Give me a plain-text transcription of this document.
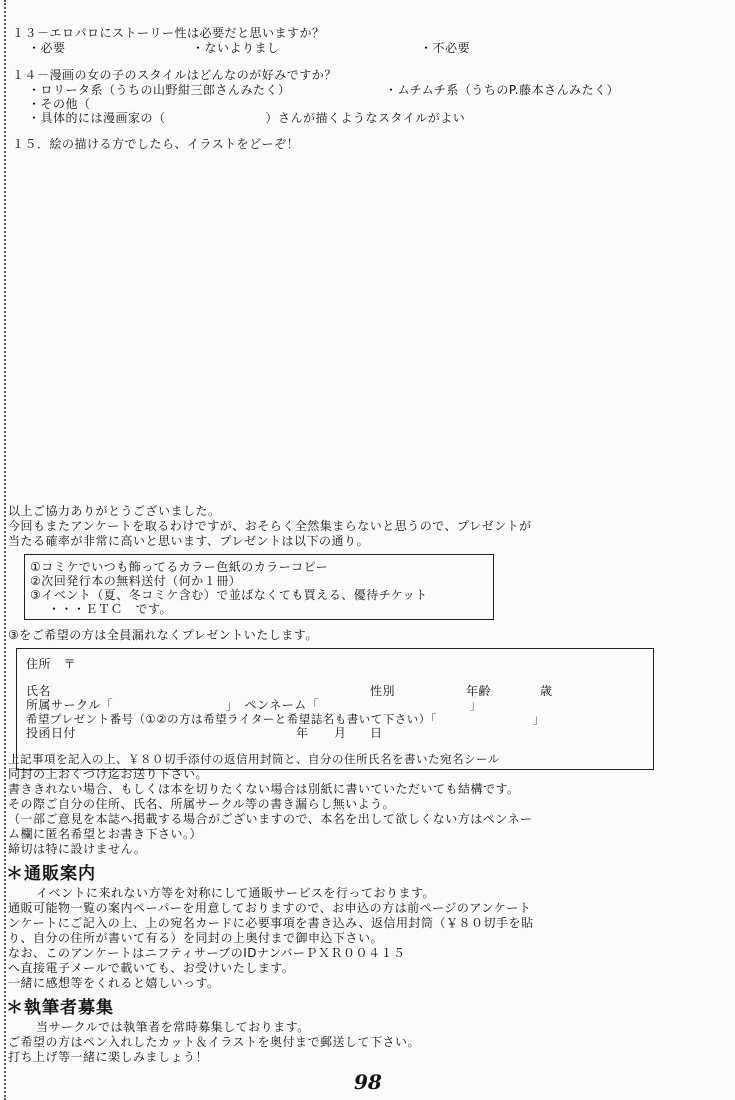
１３－エロパロにストーリー性は必要だと思いますか？
・必要	・ないよりまし	・不必要
１４－漫画の女の子のスタイルはどんなのが好みですか？
・ロリータ系（うちの山野紺三郎さんみたく）	・ムチムチ系（うちのP.藤本さんみたく）
・その他（
・具体的には漫画家の（　　　　　　　　）さんが描くようなスタイルがよい
１５．絵の描ける方でしたら、イラストをどーぞ！
以上ご協力ありがとうございました。
今回もまたアンケートを取るわけですが、おそらく全然集まらないと思うので、プレゼントが
当たる確率が非常に高いと思います、プレゼントは以下の通り。
①コミケでいつも飾ってるカラー色紙のカラーコピー
②次回発行本の無料送付（何か１冊）
③イベント（夏、冬コミケ含む）で並ばなくても買える、優待チケット
・・・ＥＴＣ　です。
③をご希望の方は全員漏れなくプレゼントいたします。
住所　〒
氏名	性別	年齢	歳
所属サークル「　　　　　　　　　」　ペンネーム「　　　　　　　　　　　　」
希望プレゼント番号（①②の方は希望ライターと希望誌名も書いて下さい）「　　　　　　　　」
投函日付	年 月 日
上記事項を記入の上、￥８０切手添付の返信用封筒と、自分の住所氏名を書いた宛名シール
同封の上おくづけ迄お送り下さい。
書ききれない場合、もしくは本を切りたくない場合は別紙に書いていただいても結構です。
その際ご自分の住所、氏名、所属サークル等の書き漏らし無いよう。
（一部ご意見を本誌へ掲載する場合がございますので、本名を出して欲しくない方はペンネー
ム欄に匿名希望とお書き下さい。）
締切は特に設けません。
＊通販案内
イベントに来れない方等を対称にして通販サービスを行っております。
通販可能物一覧の案内ペーパーを用意しておりますので、お申込の方は前ページのアンケート
ンケートにご記入の上、上の宛名カードに必要事項を書き込み、返信用封筒（￥８０切手を貼
り、自分の住所が書いて有る）を同封の上奥付まで御申込下さい。
なお、このアンケートはニフティサーブのIDナンバーＰＸＲ００４１５
へ直接電子メールで載いても、お受けいたします。
一緒に感想等をくれると嬉しいっす。
＊執筆者募集
当サークルでは執筆者を常時募集しております。
ご希望の方はペン入れしたカット＆イラストを奥付まで郵送して下さい。
打ち上げ等一緒に楽しみましょう！
98
